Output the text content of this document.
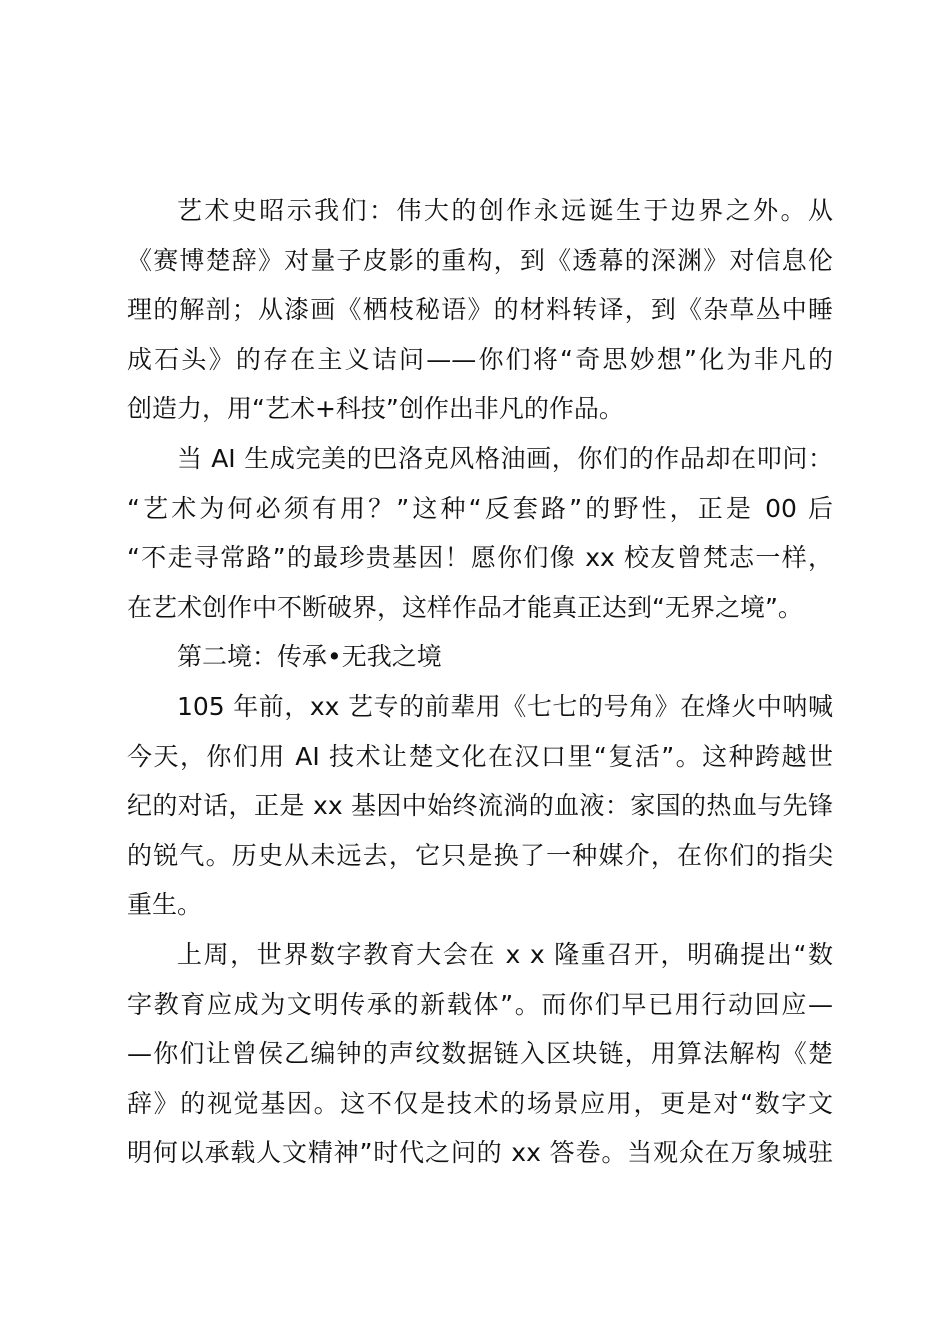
艺术史昭示我们：伟大的创作永远诞生于边界之外。从
《赛博楚辞》对量子皮影的重构，到《透幕的深渊》对信息伦
理的解剖；从漆画《栖枝秘语》的材料转译，到《杂草丛中睡
成石头》的存在主义诘问——你们将“奇思妙想”化为非凡的
创造力，用“艺术+科技”创作出非凡的作品。
当 AI 生成完美的巴洛克风格油画，你们的作品却在叩问：
“艺术为何必须有用？”这种“反套路”的野性，正是 00 后
“不走寻常路”的最珍贵基因！愿你们像 xx 校友曾梵志一样，
在艺术创作中不断破界，这样作品才能真正达到“无界之境”。
第二境：传承•无我之境
105 年前，xx 艺专的前辈用《七七的号角》在烽火中呐喊
今天，你们用 AI 技术让楚文化在汉口里“复活”。这种跨越世
纪的对话，正是 xx 基因中始终流淌的血液：家国的热血与先锋
的锐气。历史从未远去，它只是换了一种媒介，在你们的指尖
重生。
上周，世界数字教育大会在 x x 隆重召开，明确提出“数
字教育应成为文明传承的新载体”。而你们早已用行动回应—
—你们让曾侯乙编钟的声纹数据链入区块链，用算法解构《楚
辞》的视觉基因。这不仅是技术的场景应用，更是对“数字文
明何以承载人文精神”时代之问的 xx 答卷。当观众在万象城驻
